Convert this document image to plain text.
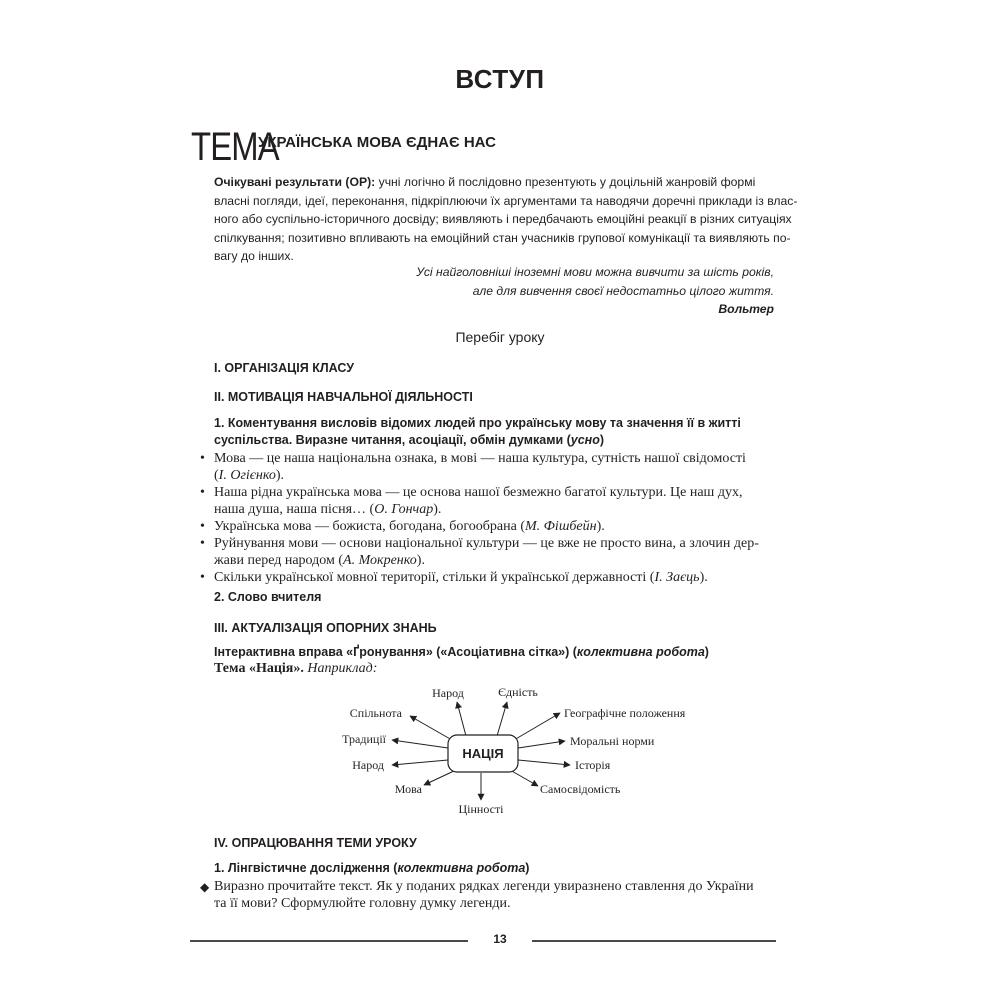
ВСТУП
ТЕМА
УКРАЇНСЬКА МОВА ЄДНАЄ НАС
Очікувані результати (ОР): учні логічно й послідовно презентують у доцільній жанровій формі
власні погляди, ідеї, переконання, підкріплюючи їх аргументами та наводячи доречні приклади із влас-
ного або суспільно-історичного досвіду; виявляють і передбачають емоційні реакції в різних ситуаціях
спілкування; позитивно впливають на емоційний стан учасників групової комунікації та виявляють по-
вагу до інших.
Усі найголовніші іноземні мови можна вивчити за шість років,
але для вивчення своєї недостатньо цілого життя.
Вольтер
Перебіг уроку
І. ОРГАНІЗАЦІЯ КЛАСУ
ІІ. МОТИВАЦІЯ НАВЧАЛЬНОЇ ДІЯЛЬНОСТІ
1. Коментування висловів відомих людей про українську мову та значення її в житті
суспільства. Виразне читання, асоціації, обмін думками (усно)
• Мова — це наша національна ознака, в мові — наша культура, сутність нашої свідомості
(І. Огієнко).
• Наша рідна українська мова — це основа нашої безмежно багатої культури. Це наш дух,
наша душа, наша пісня… (О. Гончар).
• Українська мова — божиста, богодана, богообрана (М. Фішбейн).
• Руйнування мови — основи національної культури — це вже не просто вина, а злочин дер-
жави перед народом (А. Мокренко).
• Скільки української мовної території, стільки й української державності (І. Заєць).
2. Слово вчителя
ІІІ. АКТУАЛІЗАЦІЯ ОПОРНИХ ЗНАНЬ
Інтерактивна вправа «Ґронування» («Асоціативна сітка») (колективна робота)
Тема «Нація». Наприклад:
НАЦІЯ
Народ	Єдність
Географічне положення
Моральні норми
Історія
Самосвідомість
Цінності
Мова
Народ
Традиції
Спільнота
IV. ОПРАЦЮВАННЯ ТЕМИ УРОКУ
1. Лінгвістичне дослідження (колективна робота)
◆ Виразно прочитайте текст. Як у поданих рядках легенди увиразнено ставлення до України
та її мови? Сформулюйте головну думку легенди.
13
